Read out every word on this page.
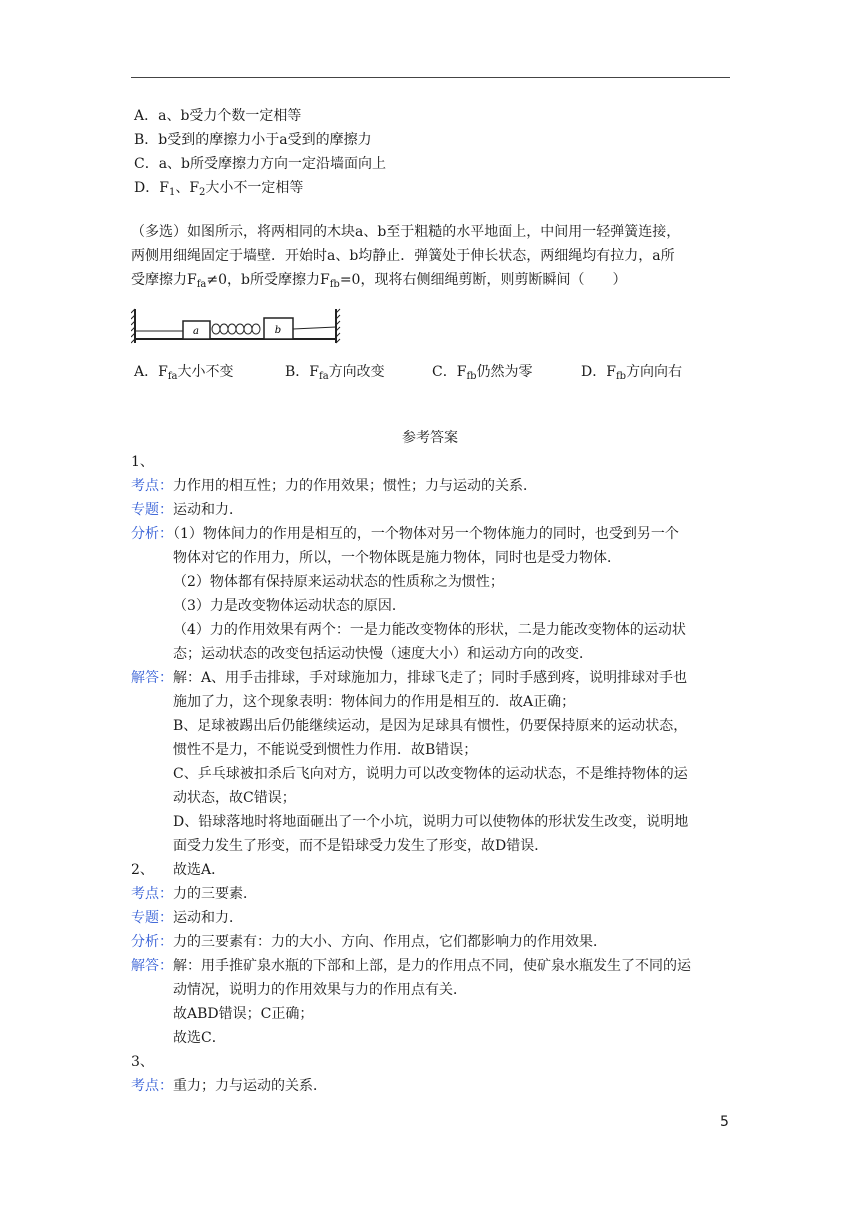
A．a、b受力个数一定相等
B．b受到的摩擦力小于a受到的摩擦力
C．a、b所受摩擦力方向一定沿墙面向上
D．$F_1$、$F_2$大小不一定相等
（多选）如图所示，将两相同的木块a、b至于粗糙的水平地面上，中间用一轻弹簧连接，
两侧用细绳固定于墙壁．开始时a、b均静止．弹簧处于伸长状态，两细绳均有拉力，a所
受摩擦力$F_{fa}\ne 0$，b所受摩擦力$F_{fb}=0$，现将右侧细绳剪断，则剪断瞬间（　　）
a	b
A．$F_{fa}$大小不变	B．$F_{fa}$方向改变	C．$F_{fb}$仍然为零	D．$F_{fb}$方向向右
参考答案
1、
考点：力作用的相互性；力的作用效果；惯性；力与运动的关系．
专题：运动和力．
分析：（1）物体间力的作用是相互的，一个物体对另一个物体施力的同时，也受到另一个
物体对它的作用力，所以，一个物体既是施力物体，同时也是受力物体．
（2）物体都有保持原来运动状态的性质称之为惯性；
（3）力是改变物体运动状态的原因．
（4）力的作用效果有两个：一是力能改变物体的形状，二是力能改变物体的运动状
态；运动状态的改变包括运动快慢（速度大小）和运动方向的改变．
解答：解：A、用手击排球，手对球施加力，排球飞走了；同时手感到疼，说明排球对手也
施加了力，这个现象表明：物体间力的作用是相互的．故A正确；
B、足球被踢出后仍能继续运动，是因为足球具有惯性，仍要保持原来的运动状态，
惯性不是力，不能说受到惯性力作用．故B错误；
C、乒乓球被扣杀后飞向对方，说明力可以改变物体的运动状态，不是维持物体的运
动状态，故C错误；
D、铅球落地时将地面砸出了一个小坑，说明力可以使物体的形状发生改变，说明地
面受力发生了形变，而不是铅球受力发生了形变，故D错误．
故选A．
2、
考点：力的三要素．
专题：运动和力．
分析：力的三要素有：力的大小、方向、作用点，它们都影响力的作用效果．
解答：解：用手推矿泉水瓶的下部和上部，是力的作用点不同，使矿泉水瓶发生了不同的运
动情况，说明力的作用效果与力的作用点有关．
故ABD错误；C正确；
故选C．
3、
考点：重力；力与运动的关系．
5
